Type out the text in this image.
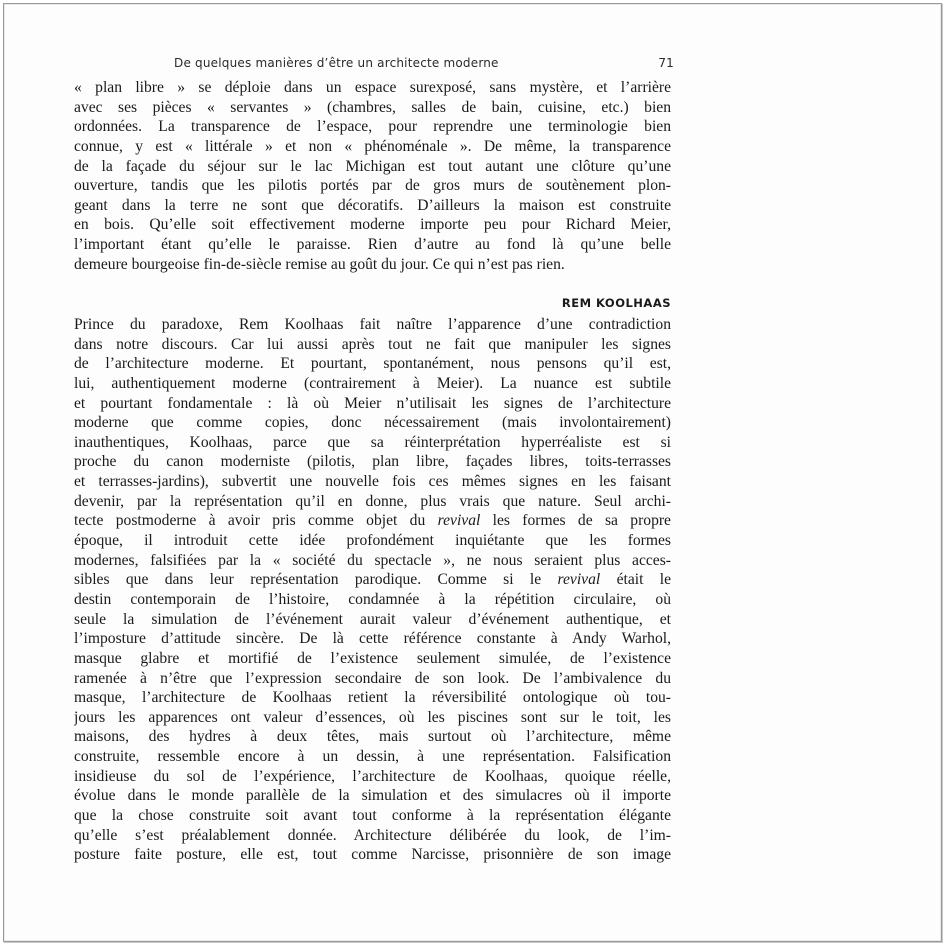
De quelques manières d’être un architecte moderne	71
« plan libre » se déploie dans un espace surexposé, sans mystère, et l’arrière
avec ses pièces « servantes » (chambres, salles de bain, cuisine, etc.) bien
ordonnées. La transparence de l’espace, pour reprendre une terminologie bien
connue, y est « littérale » et non « phénoménale ». De même, la transparence
de la façade du séjour sur le lac Michigan est tout autant une clôture qu’une
ouverture, tandis que les pilotis portés par de gros murs de soutènement plon-
geant dans la terre ne sont que décoratifs. D’ailleurs la maison est construite
en bois. Qu’elle soit effectivement moderne importe peu pour Richard Meier,
l’important étant qu’elle le paraisse. Rien d’autre au fond là qu’une belle
demeure bourgeoise fin-de-siècle remise au goût du jour. Ce qui n’est pas rien.
REM KOOLHAAS
Prince du paradoxe, Rem Koolhaas fait naître l’apparence d’une contradiction
dans notre discours. Car lui aussi après tout ne fait que manipuler les signes
de l’architecture moderne. Et pourtant, spontanément, nous pensons qu’il est,
lui, authentiquement moderne (contrairement à Meier). La nuance est subtile
et pourtant fondamentale : là où Meier n’utilisait les signes de l’architecture
moderne que comme copies, donc nécessairement (mais involontairement)
inauthentiques, Koolhaas, parce que sa réinterprétation hyperréaliste est si
proche du canon moderniste (pilotis, plan libre, façades libres, toits-terrasses
et terrasses-jardins), subvertit une nouvelle fois ces mêmes signes en les faisant
devenir, par la représentation qu’il en donne, plus vrais que nature. Seul archi-
tecte postmoderne à avoir pris comme objet du revival les formes de sa propre
époque, il introduit cette idée profondément inquiétante que les formes
modernes, falsifiées par la « société du spectacle », ne nous seraient plus acces-
sibles que dans leur représentation parodique. Comme si le revival était le
destin contemporain de l’histoire, condamnée à la répétition circulaire, où
seule la simulation de l’événement aurait valeur d’événement authentique, et
l’imposture d’attitude sincère. De là cette référence constante à Andy Warhol,
masque glabre et mortifié de l’existence seulement simulée, de l’existence
ramenée à n’être que l’expression secondaire de son look. De l’ambivalence du
masque, l’architecture de Koolhaas retient la réversibilité ontologique où tou-
jours les apparences ont valeur d’essences, où les piscines sont sur le toit, les
maisons, des hydres à deux têtes, mais surtout où l’architecture, même
construite, ressemble encore à un dessin, à une représentation. Falsification
insidieuse du sol de l’expérience, l’architecture de Koolhaas, quoique réelle,
évolue dans le monde parallèle de la simulation et des simulacres où il importe
que la chose construite soit avant tout conforme à la représentation élégante
qu’elle s’est préalablement donnée. Architecture délibérée du look, de l’im-
posture faite posture, elle est, tout comme Narcisse, prisonnière de son image
